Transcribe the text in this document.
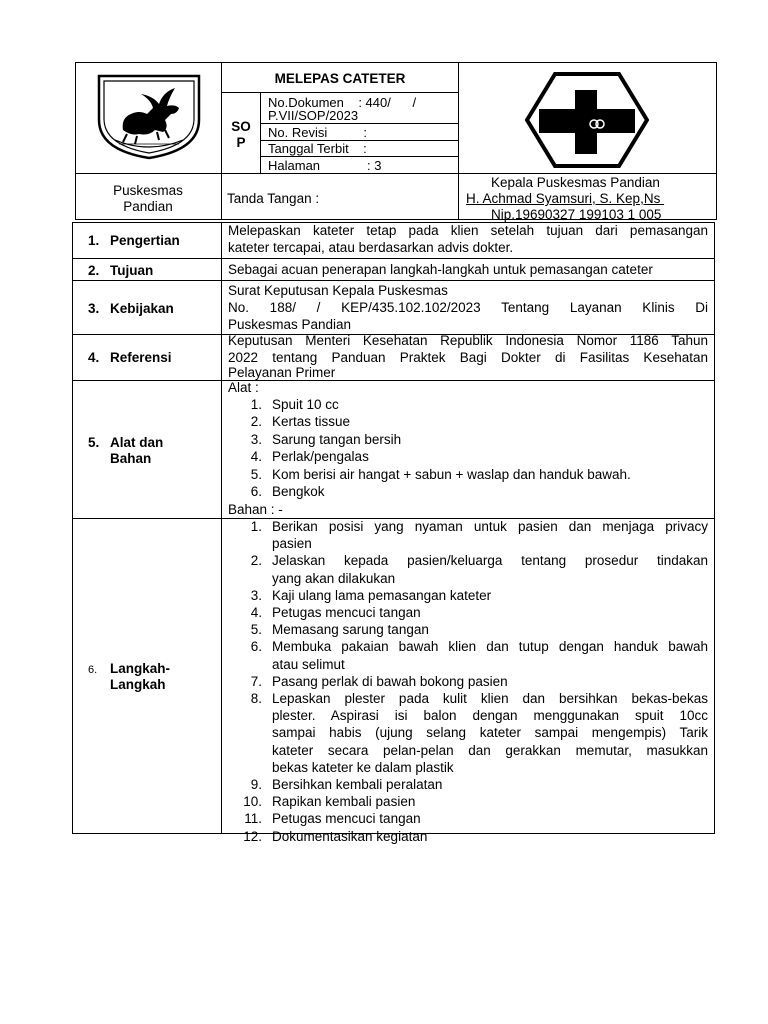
MELEPAS CATETER
SO
P
No.Dokumen    : 440/      /
P.VII/SOP/2023
No. Revisi          :
Tanggal Terbit    :
Halaman             : 3
Puskesmas
Pandian
Tanda Tangan :
Kepala Puskesmas Pandian
H. Achmad Syamsuri, S. Kep,Ns
Nip.19690327 199103 1 005
1. Pengertian
Melepaskan kateter tetap pada klien setelah tujuan dari pemasangan
kateter tercapai, atau berdasarkan advis dokter.
2. Tujuan	Sebagai acuan penerapan langkah-langkah untuk pemasangan cateter
3. Kebijakan
Surat Keputusan Kepala Puskesmas
No. 188/ / KEP/435.102.102/2023 Tentang Layanan Klinis Di
Puskesmas Pandian
4. Referensi
Keputusan Menteri Kesehatan Republik Indonesia Nomor 1186 Tahun
2022 tentang Panduan Praktek Bagi Dokter di Fasilitas Kesehatan
Pelayanan Primer
5. Alat dan
Bahan
Alat :
1. Spuit 10 cc
2. Kertas tissue
3. Sarung tangan bersih
4. Perlak/pengalas
5. Kom berisi air hangat + sabun + waslap dan handuk bawah.
6. Bengkok
Bahan : -
6. Langkah-
Langkah
1. Berikan posisi yang nyaman untuk pasien dan menjaga privacy
pasien
2. Jelaskan kepada pasien/keluarga tentang prosedur tindakan
yang akan dilakukan
3. Kaji ulang lama pemasangan kateter
4. Petugas mencuci tangan
5. Memasang sarung tangan
6. Membuka pakaian bawah klien dan tutup dengan handuk bawah
atau selimut
7. Pasang perlak di bawah bokong pasien
8. Lepaskan plester pada kulit klien dan bersihkan bekas-bekas
plester. Aspirasi isi balon dengan menggunakan spuit 10cc
sampai habis (ujung selang kateter sampai mengempis) Tarik
kateter secara pelan-pelan dan gerakkan memutar, masukkan
bekas kateter ke dalam plastik
9. Bersihkan kembali peralatan
10. Rapikan kembali pasien
11. Petugas mencuci tangan
12. Dokumentasikan kegiatan
